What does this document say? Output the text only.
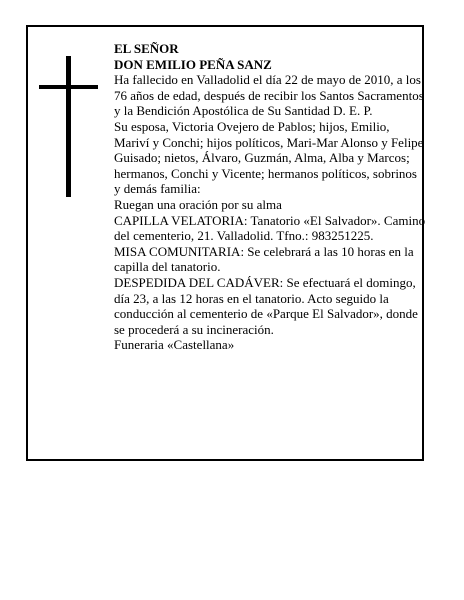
EL SEÑOR

DON EMILIO PEÑA SANZ

Ha fallecido en Valladolid el día 22 de mayo de 2010, a los 76 años de edad, después de recibir los Santos Sacramentos y la Bendición Apostólica de Su Santidad D. E. P.

Su esposa, Victoria Ovejero de Pablos; hijos, Emilio, Mariví y Conchi; hijos políticos, Mari-Mar Alonso y Felipe Guisado; nietos, Álvaro, Guzmán, Alma, Alba y Marcos; hermanos, Conchi y Vicente; hermanos políticos, sobrinos y demás familia:

Ruegan una oración por su alma

CAPILLA VELATORIA: Tanatorio «El Salvador». Camino del cementerio, 21. Valladolid. Tfno.: 983251225.

MISA COMUNITARIA: Se celebrará a las 10 horas en la capilla del tanatorio.

DESPEDIDA DEL CADÁVER: Se efectuará el domingo, día 23, a las 12 horas en el tanatorio. Acto seguido la conducción al cementerio de «Parque El Salvador», donde se procederá a su incineración.

Funeraria «Castellana»
